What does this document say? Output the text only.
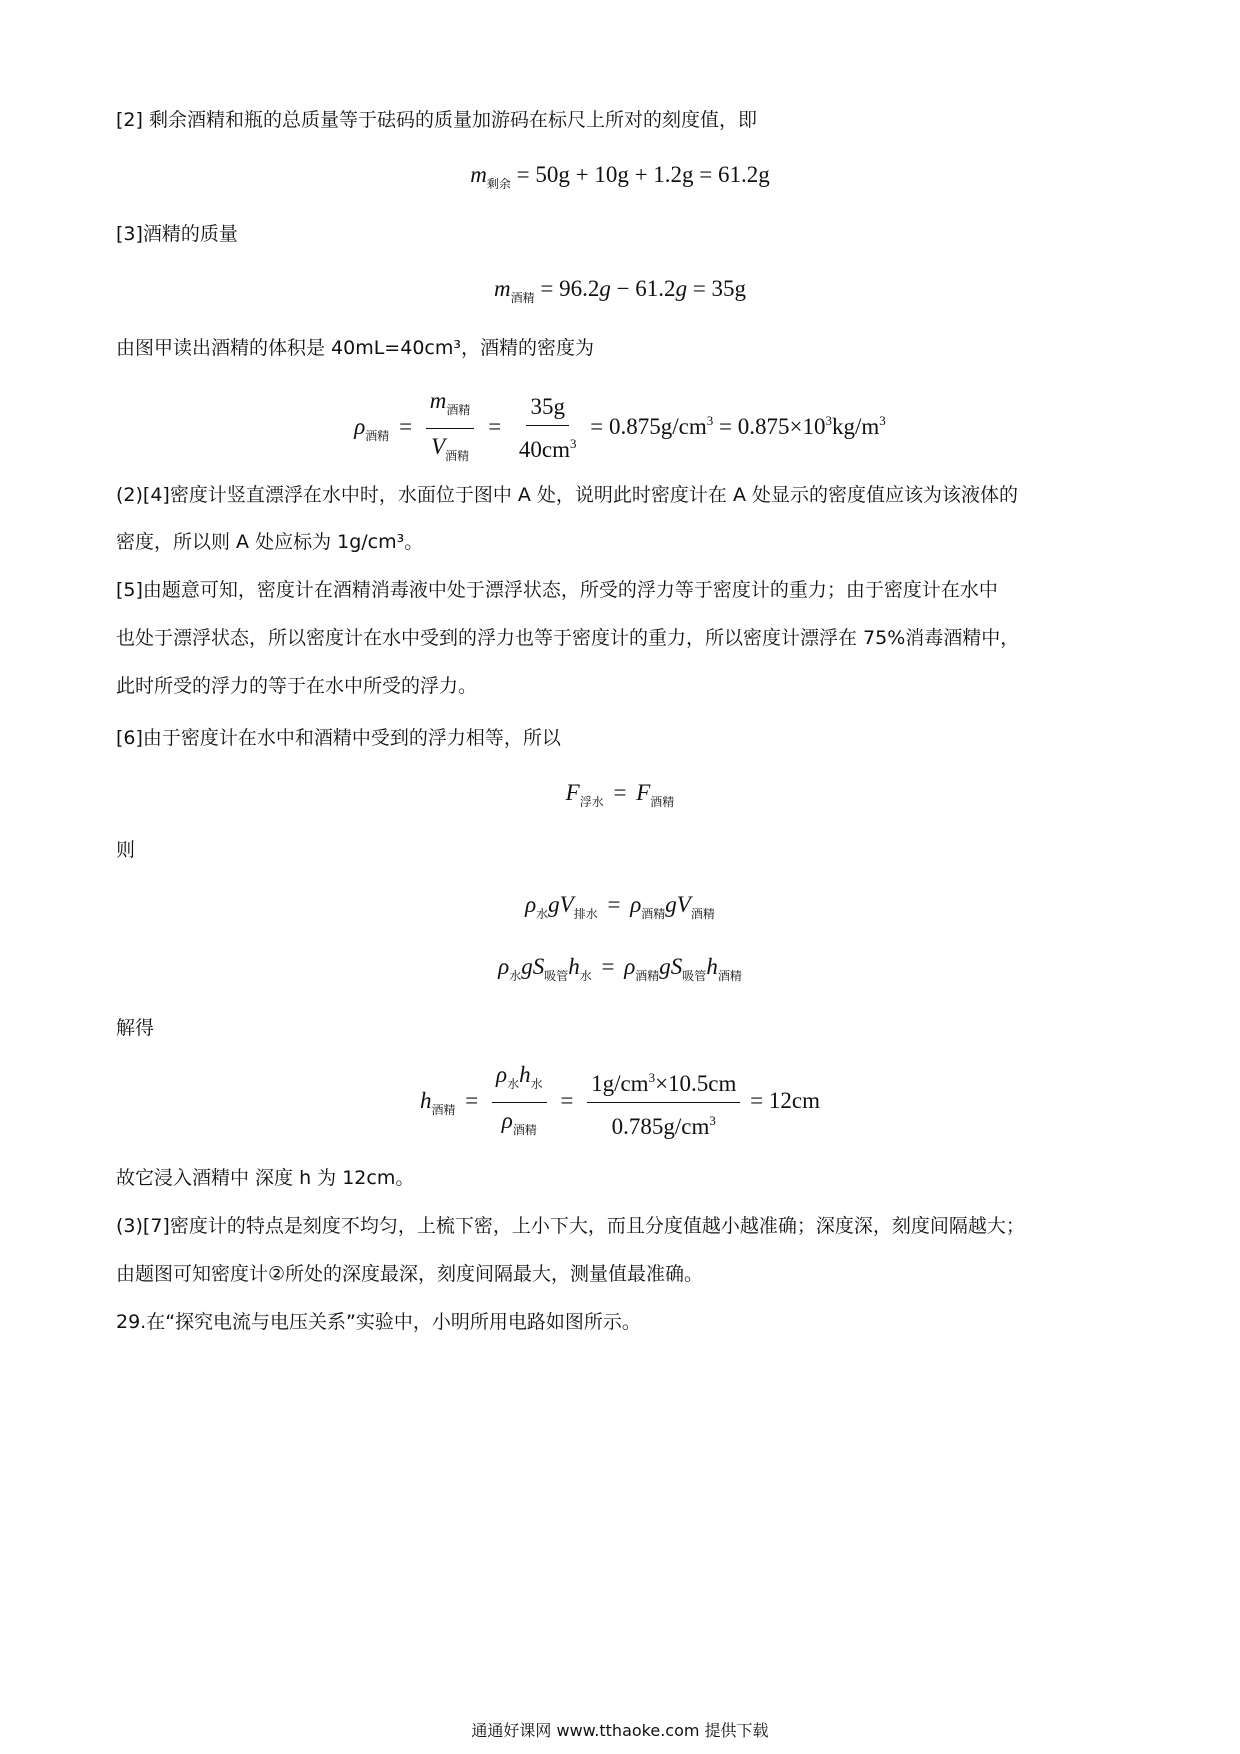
[2] 剩余酒精和瓶的总质量等于砝码的质量加游码在标尺上所对的刻度值，即
$m_{剩余} = 50g + 10g + 1.2g = 61.2g$
[3]酒精的质量
$m_{酒精} = 96.2g - 61.2g = 35g$
由图甲读出酒精的体积是 40mL=40cm³，酒精的密度为
$\rho_{酒精} = \frac{m_{酒精}}{V_{酒精}} = \frac{35g}{40cm^3} = 0.875g/cm^3 = 0.875\times 10^3kg/m^3$
(2)[4]密度计竖直漂浮在水中时，水面位于图中 A 处，说明此时密度计在 A 处显示的密度值应该为该液体的
密度，所以则 A 处应标为 1g/cm³。
[5]由题意可知，密度计在酒精消毒液中处于漂浮状态，所受的浮力等于密度计的重力；由于密度计在水中
也处于漂浮状态，所以密度计在水中受到的浮力也等于密度计的重力，所以密度计漂浮在 75%消毒酒精中，
此时所受的浮力的等于在水中所受的浮力。
[6]由于密度计在水中和酒精中受到的浮力相等，所以
$F_{浮水} = F_{酒精}$
则
$\rho_水gV_{排水} = \rho_{酒精}gV_{酒精}$
$\rho_水gS_{吸管}h_水 = \rho_{酒精}gS_{吸管}h_{酒精}$
解得
$h_{酒精} = \frac{\rho_水h_水}{\rho_{酒精}} = \frac{1g/cm^3\times 10.5cm}{0.785g/cm^3} = 12cm$
故它浸入酒精中 深度 h 为 12cm。
(3)[7]密度计的特点是刻度不均匀，上梳下密，上小下大，而且分度值越小越准确；深度深，刻度间隔越大；
由题图可知密度计②所处的深度最深，刻度间隔最大，测量值最准确。
29.在“探究电流与电压关系”实验中，小明所用电路如图所示。
通通好课网 www.tthaoke.com 提供下载
